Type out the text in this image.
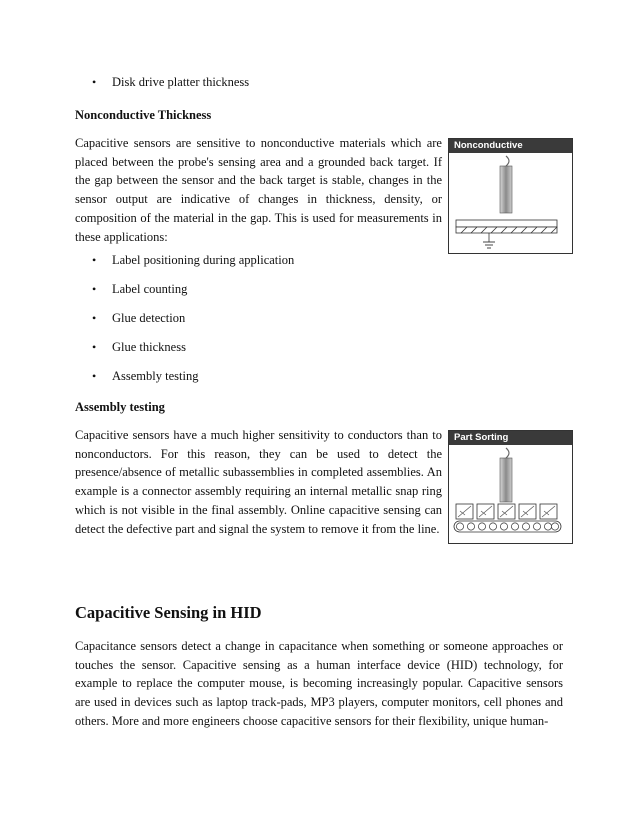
• Disk drive platter thickness
Nonconductive Thickness

Capacitive sensors are sensitive to nonconductive materials which are placed between the probe's sensing area and a grounded back target. If the gap between the sensor and the back target is stable, changes in the sensor output are indicative of changes in thickness, density, or composition of the material in the gap. This is used for measurements in these applications:

Nonconductive
• Label positioning during application
• Label counting
• Glue detection
• Glue thickness
• Assembly testing
Assembly testing

Capacitive sensors have a much higher sensitivity to conductors than to nonconductors. For this reason, they can be used to detect the presence/absence of metallic subassemblies in completed assemblies. An example is a connector assembly requiring an internal metallic snap ring which is not visible in the final assembly. Online capacitive sensing can detect the defective part and signal the system to remove it from the line.

Part Sorting
Capacitive Sensing in HID

Capacitance sensors detect a change in capacitance when something or someone approaches or touches the sensor. Capacitive sensing as a human interface device (HID) technology, for example to replace the computer mouse, is becoming increasingly popular. Capacitive sensors are used in devices such as laptop track-pads, MP3 players, computer monitors, cell phones and others. More and more engineers choose capacitive sensors for their flexibility, unique human-
